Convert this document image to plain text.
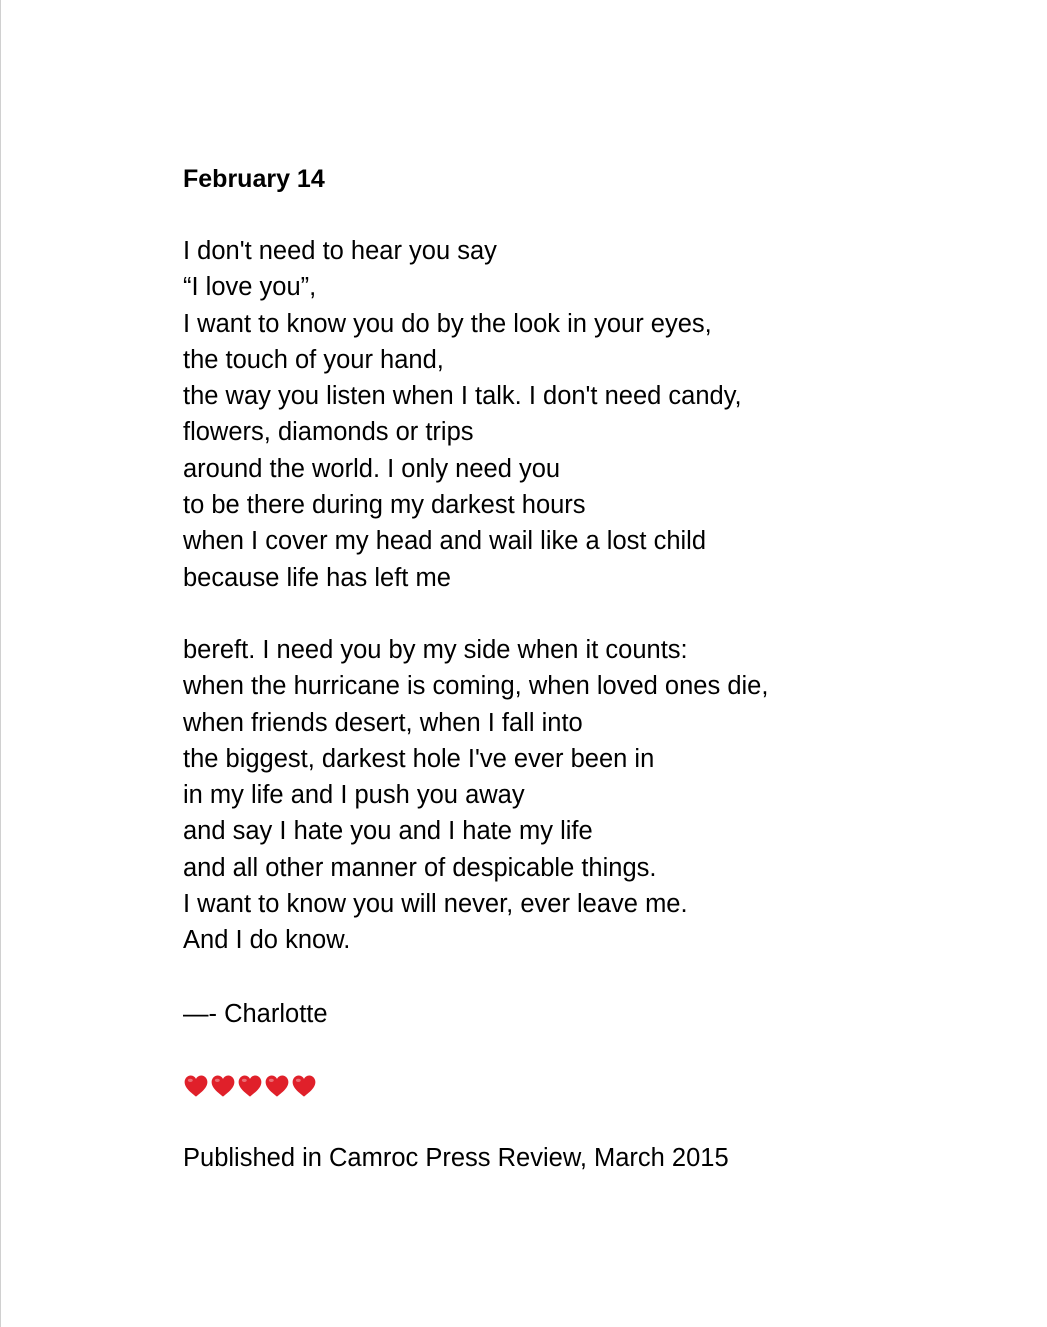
February 14
I don't need to hear you say
“I love you”,
I want to know you do by the look in your eyes,
the touch of your hand,
the way you listen when I talk. I don't need candy,
flowers, diamonds or trips
around the world. I only need you
to be there during my darkest hours
when I cover my head and wail like a lost child
because life has left me
bereft. I need you by my side when it counts:
when the hurricane is coming, when loved ones die,
when friends desert, when I fall into
the biggest, darkest hole I've ever been in
in my life and I push you away
and say I hate you and I hate my life
and all other manner of despicable things.
I want to know you will never, ever leave me.
And I do know.
—- Charlotte
Published in Camroc Press Review, March 2015
